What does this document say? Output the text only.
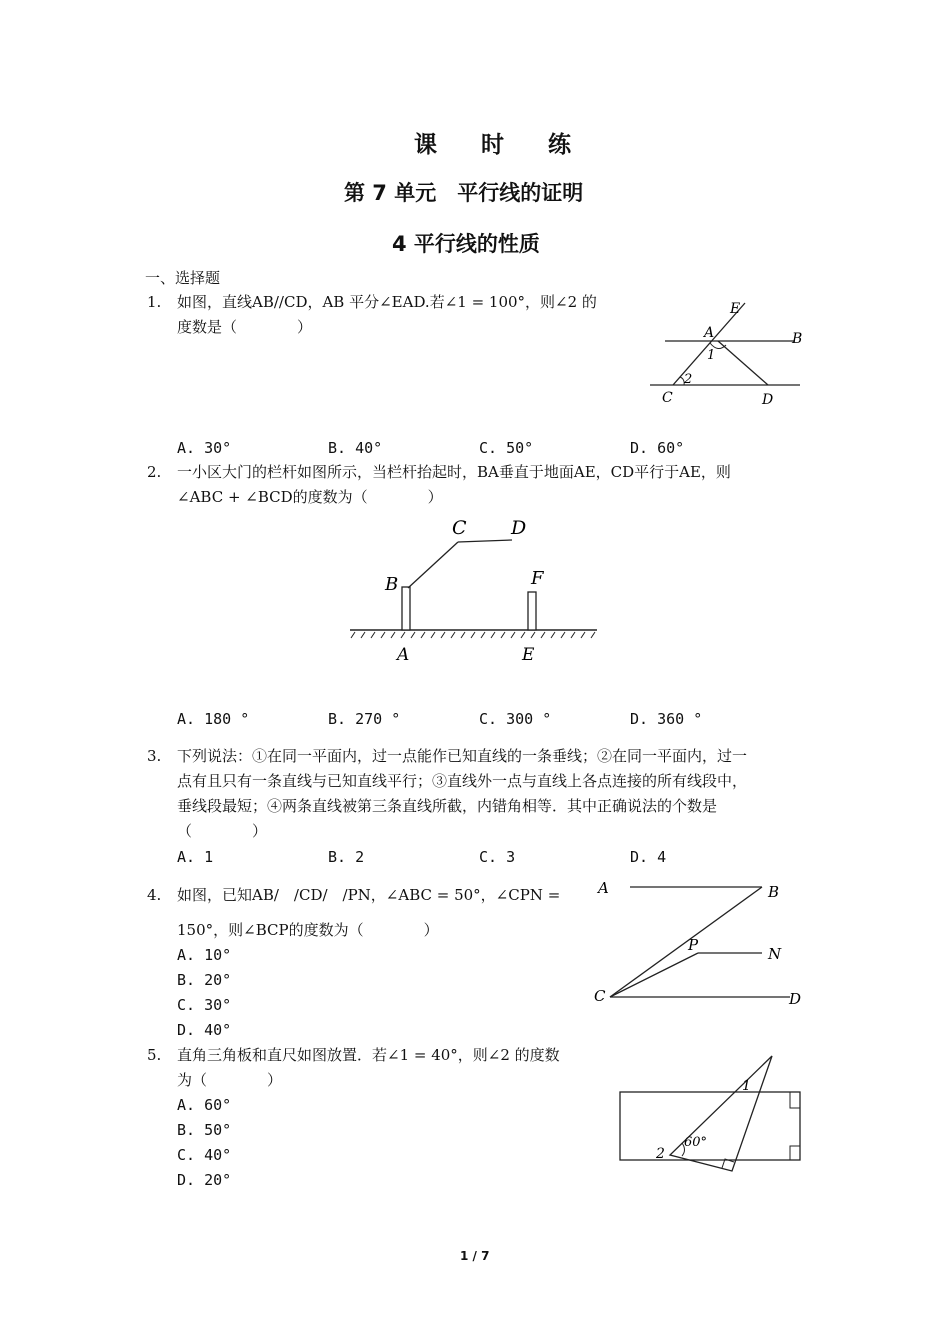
课 时 练
第 7 单元　平行线的证明
4 平行线的性质
一、选择题
1. 如图，直线AB//CD，AB 平分∠EAD.若∠1 = 100°，则∠2 的
度数是（　　　　）
E
A	B
1
2
C	D
A. 30°	B. 40°	C. 50°	D. 60°
2. 一小区大门的栏杆如图所示，当栏杆抬起时，BA垂直于地面AE，CD平行于AE，则
∠ABC + ∠BCD的度数为（　　　　）
C D
B	F
A	E
A. 180 °	B. 270 °	C. 300 °	D. 360 °
3. 下列说法：①在同一平面内，过一点能作已知直线的一条垂线；②在同一平面内，过一
点有且只有一条直线与已知直线平行；③直线外一点与直线上各点连接的所有线段中，
垂线段最短；④两条直线被第三条直线所截，内错角相等．其中正确说法的个数是
（　　　　）
A. 1	B. 2	C. 3	D. 4
4. 如图，已知AB/　/CD/　/PN，∠ABC = 50°，∠CPN =
150°，则∠BCP的度数为（　　　　）
A	B
P	N
C	D
A. 10°
B. 20°
C. 30°
D. 40°
5. 直角三角板和直尺如图放置．若∠1 = 40°，则∠2 的度数
为（　　　　）	1
2
60°
A. 60°
B. 50°
C. 40°
D. 20°
1 / 7
